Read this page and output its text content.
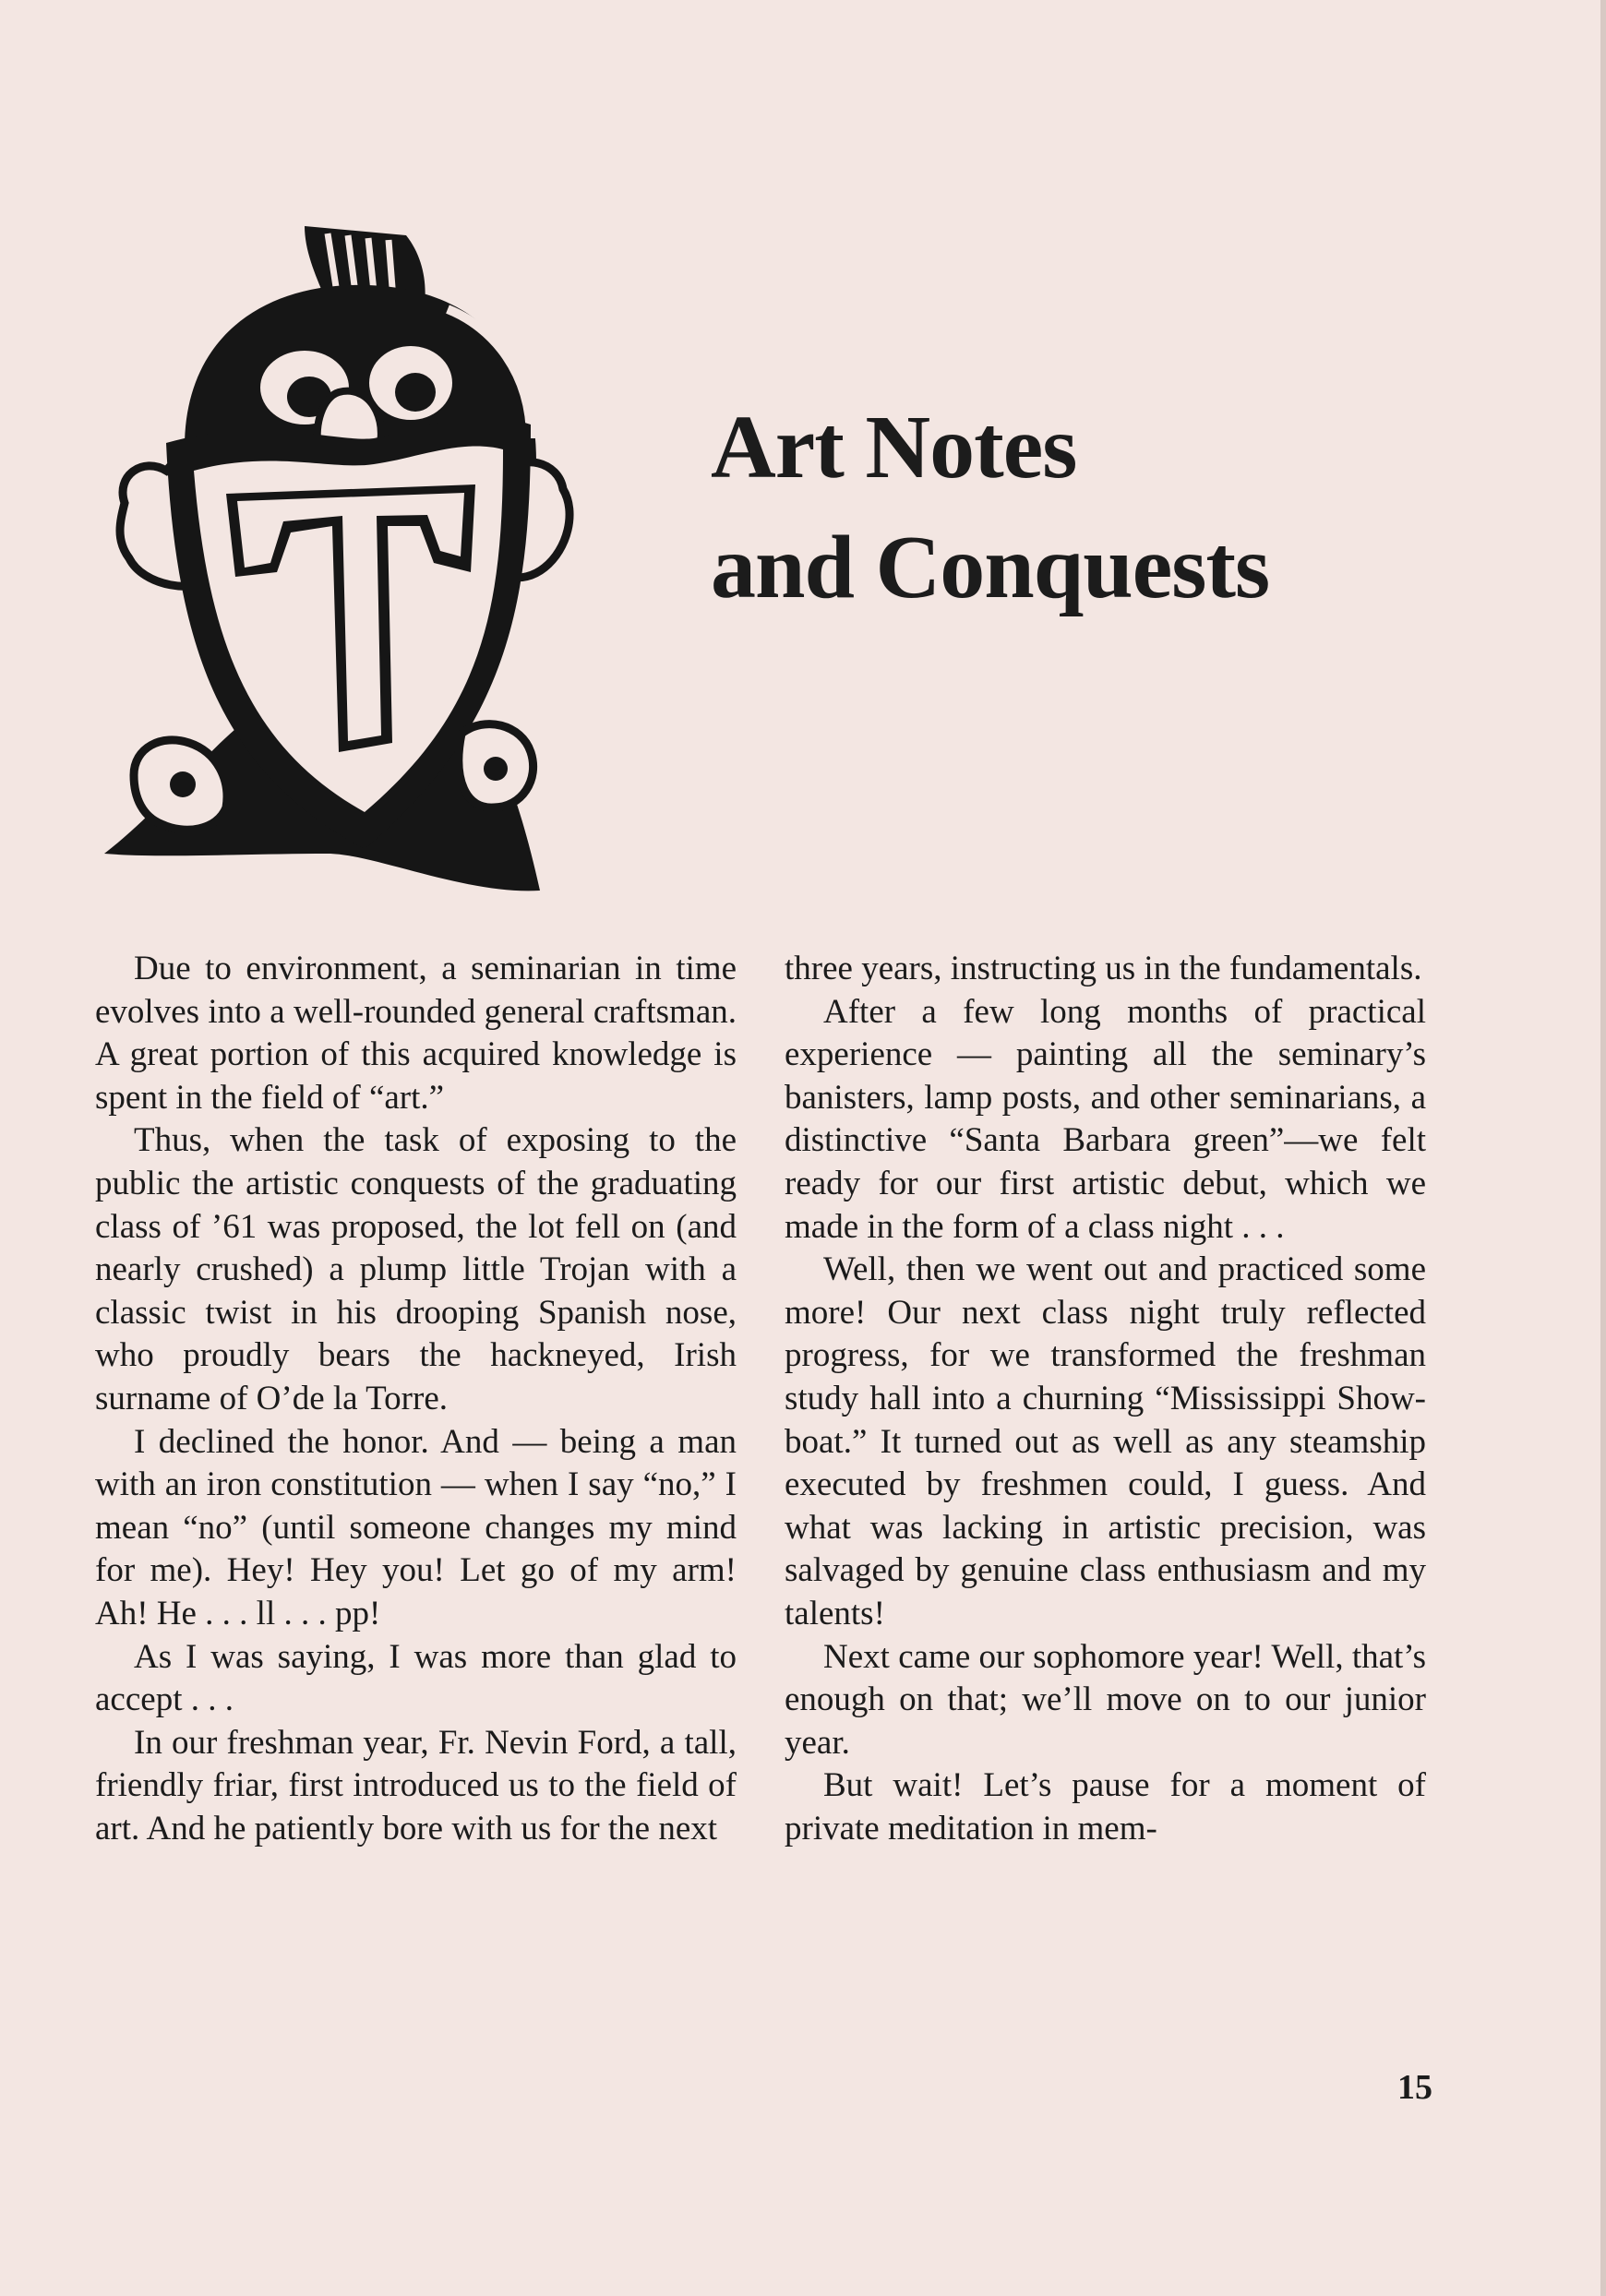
Art Notes
and Conquests

Due to environment, a seminarian in time evolves into a well-rounded general craftsman. A great portion of this acquired knowledge is spent in the field of “art.”

Thus, when the task of exposing to the public the artistic conquests of the graduating class of ’61 was proposed, the lot fell on (and nearly crushed) a plump little Trojan with a classic twist in his drooping Spanish nose, who proudly bears the hackneyed, Irish surname of O’de la Torre.

I declined the honor. And — being a man with an iron constitution — when I say “no,” I mean “no” (until someone changes my mind for me). Hey! Hey you! Let go of my arm! Ah! He . . . ll . . . pp!

As I was saying, I was more than glad to accept . . .

In our freshman year, Fr. Nevin Ford, a tall, friendly friar, first introduced us to the field of art. And he patiently bore with us for the next

three years, instructing us in the fundamentals.

After a few long months of practical experience — painting all the seminary’s banisters, lamp posts, and other seminarians, a distinctive “Santa Barbara green”—we felt ready for our first artistic debut, which we made in the form of a class night . . .

Well, then we went out and practiced some more! Our next class night truly reflected progress, for we transformed the freshman study hall into a churning “Mississippi Showboat.” It turned out as well as any steamship executed by freshmen could, I guess. And what was lacking in artistic precision, was salvaged by genuine class enthusiasm and my talents!

Next came our sophomore year! Well, that’s enough on that; we’ll move on to our junior year.

But wait! Let’s pause for a moment of private meditation in mem-

15
